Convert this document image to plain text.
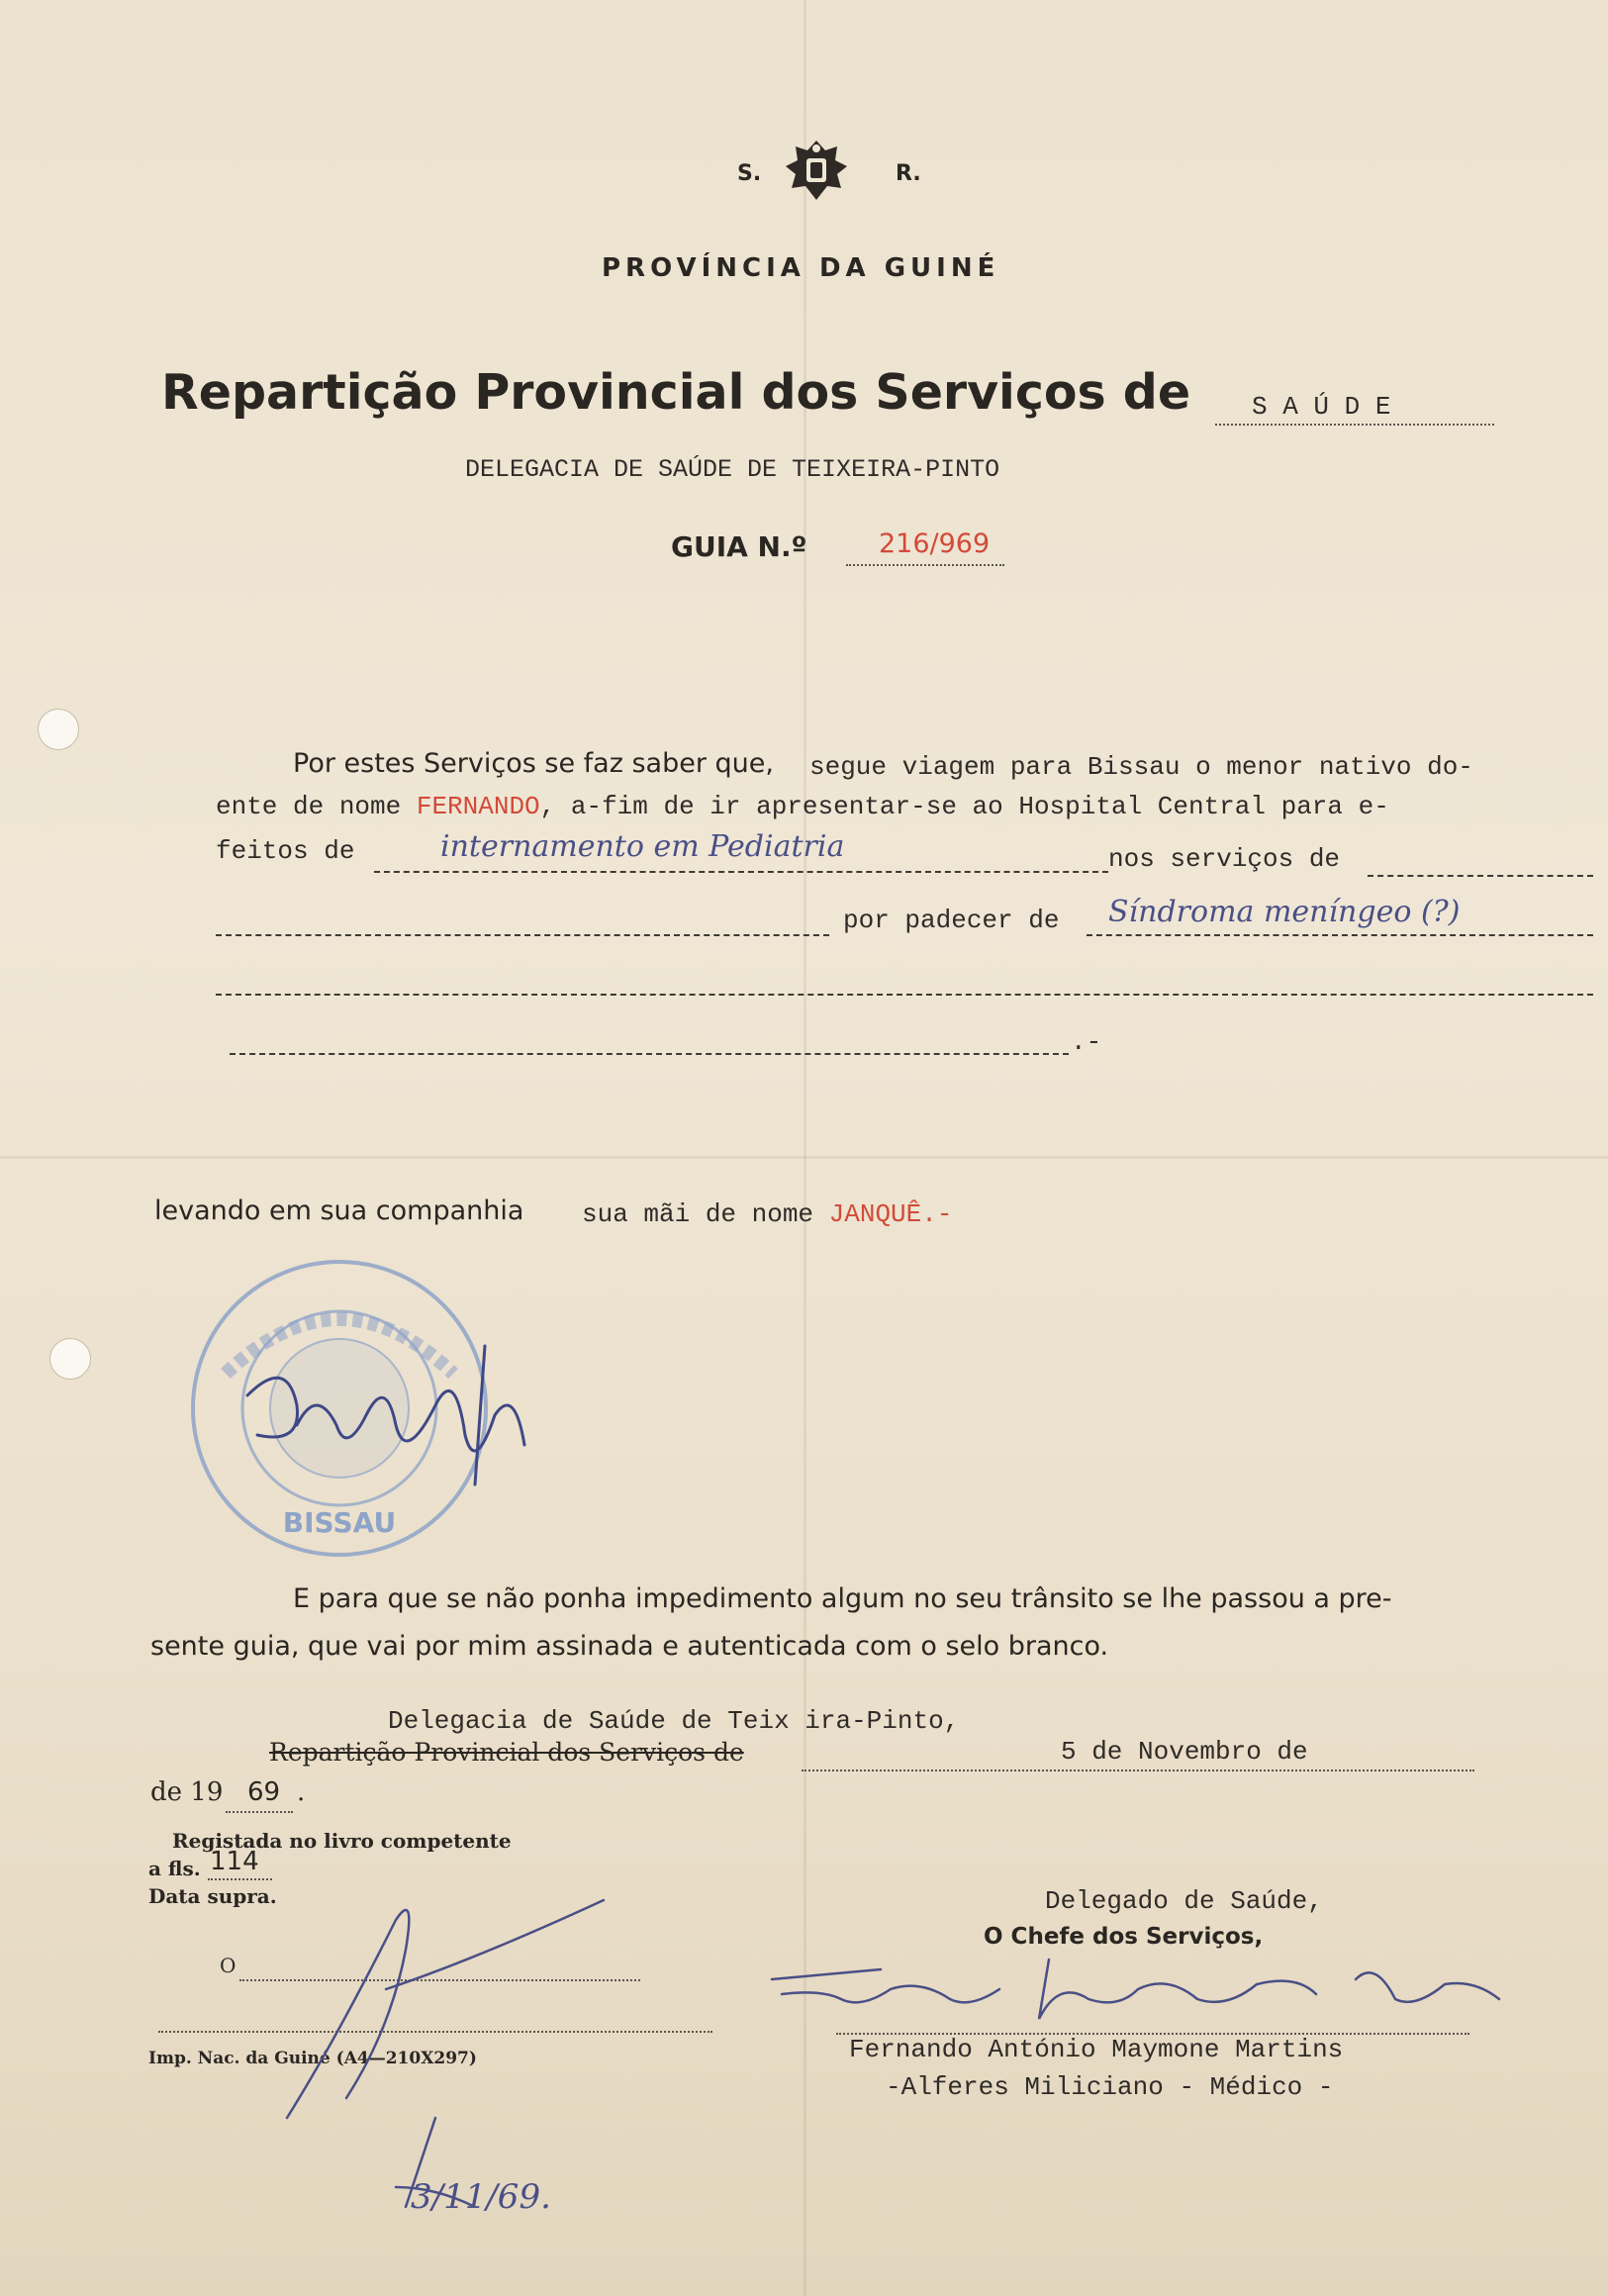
S.	R.
PROVÍNCIA DA GUINÉ
Repartição Provincial dos Serviços de S A Ú D E
DELEGACIA DE SAÚDE DE TEIXEIRA-PINTO
GUIA N.º	216/969
Por estes Serviços se faz saber que, segue viagem para Bissau o menor nativo do-
ente de nome FERNANDO, a-fim de ir apresentar-se ao Hospital Central para e-
feitos de	internamento em Pediatria	nos serviços de
por padecer de Síndroma meníngeo (?)
.-
levando em sua companhia sua mãi de nome JANQUÊ.-
BISSAU
E para que se não ponha impedimento algum no seu trânsito se lhe passou a pre-
sente guia, que vai por mim assinada e autenticada com o selo branco.
Delegacia de Saúde de Teix ira-Pinto,
Repartição Provincial dos Serviços de	5 de Novembro de
de 19 69 .
Registada no livro competente
a fls. 114
Data supra.
O
Imp. Nac. da Guiné (A4—210X297)
Delegado de Saúde,
O Chefe dos Serviços,
Fernando António Maymone Martins
-Alferes Miliciano - Médico -
3/11/69.
